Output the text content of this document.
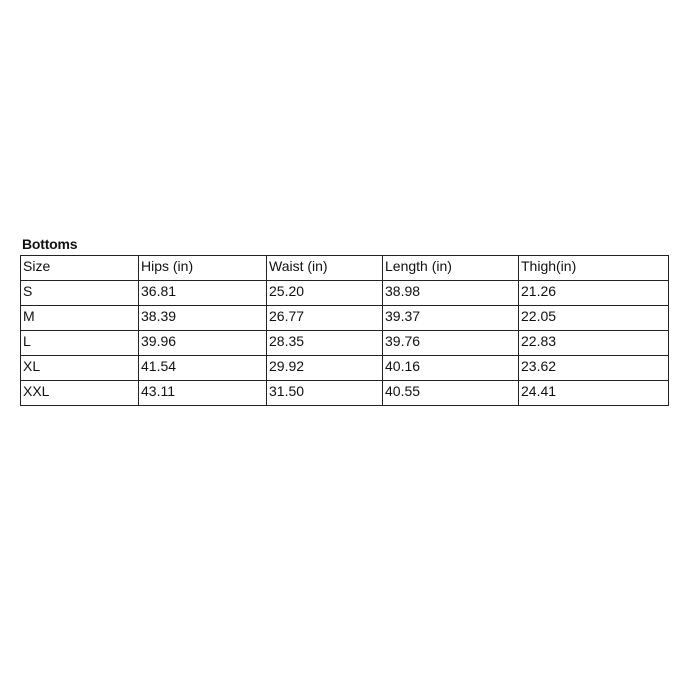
Bottoms
Size	Hips (in)	Waist (in)	Length (in)	Thigh(in)
S	36.81	25.20	38.98	21.26
M	38.39	26.77	39.37	22.05
L	39.96	28.35	39.76	22.83
XL	41.54	29.92	40.16	23.62
XXL	43.11	31.50	40.55	24.41
